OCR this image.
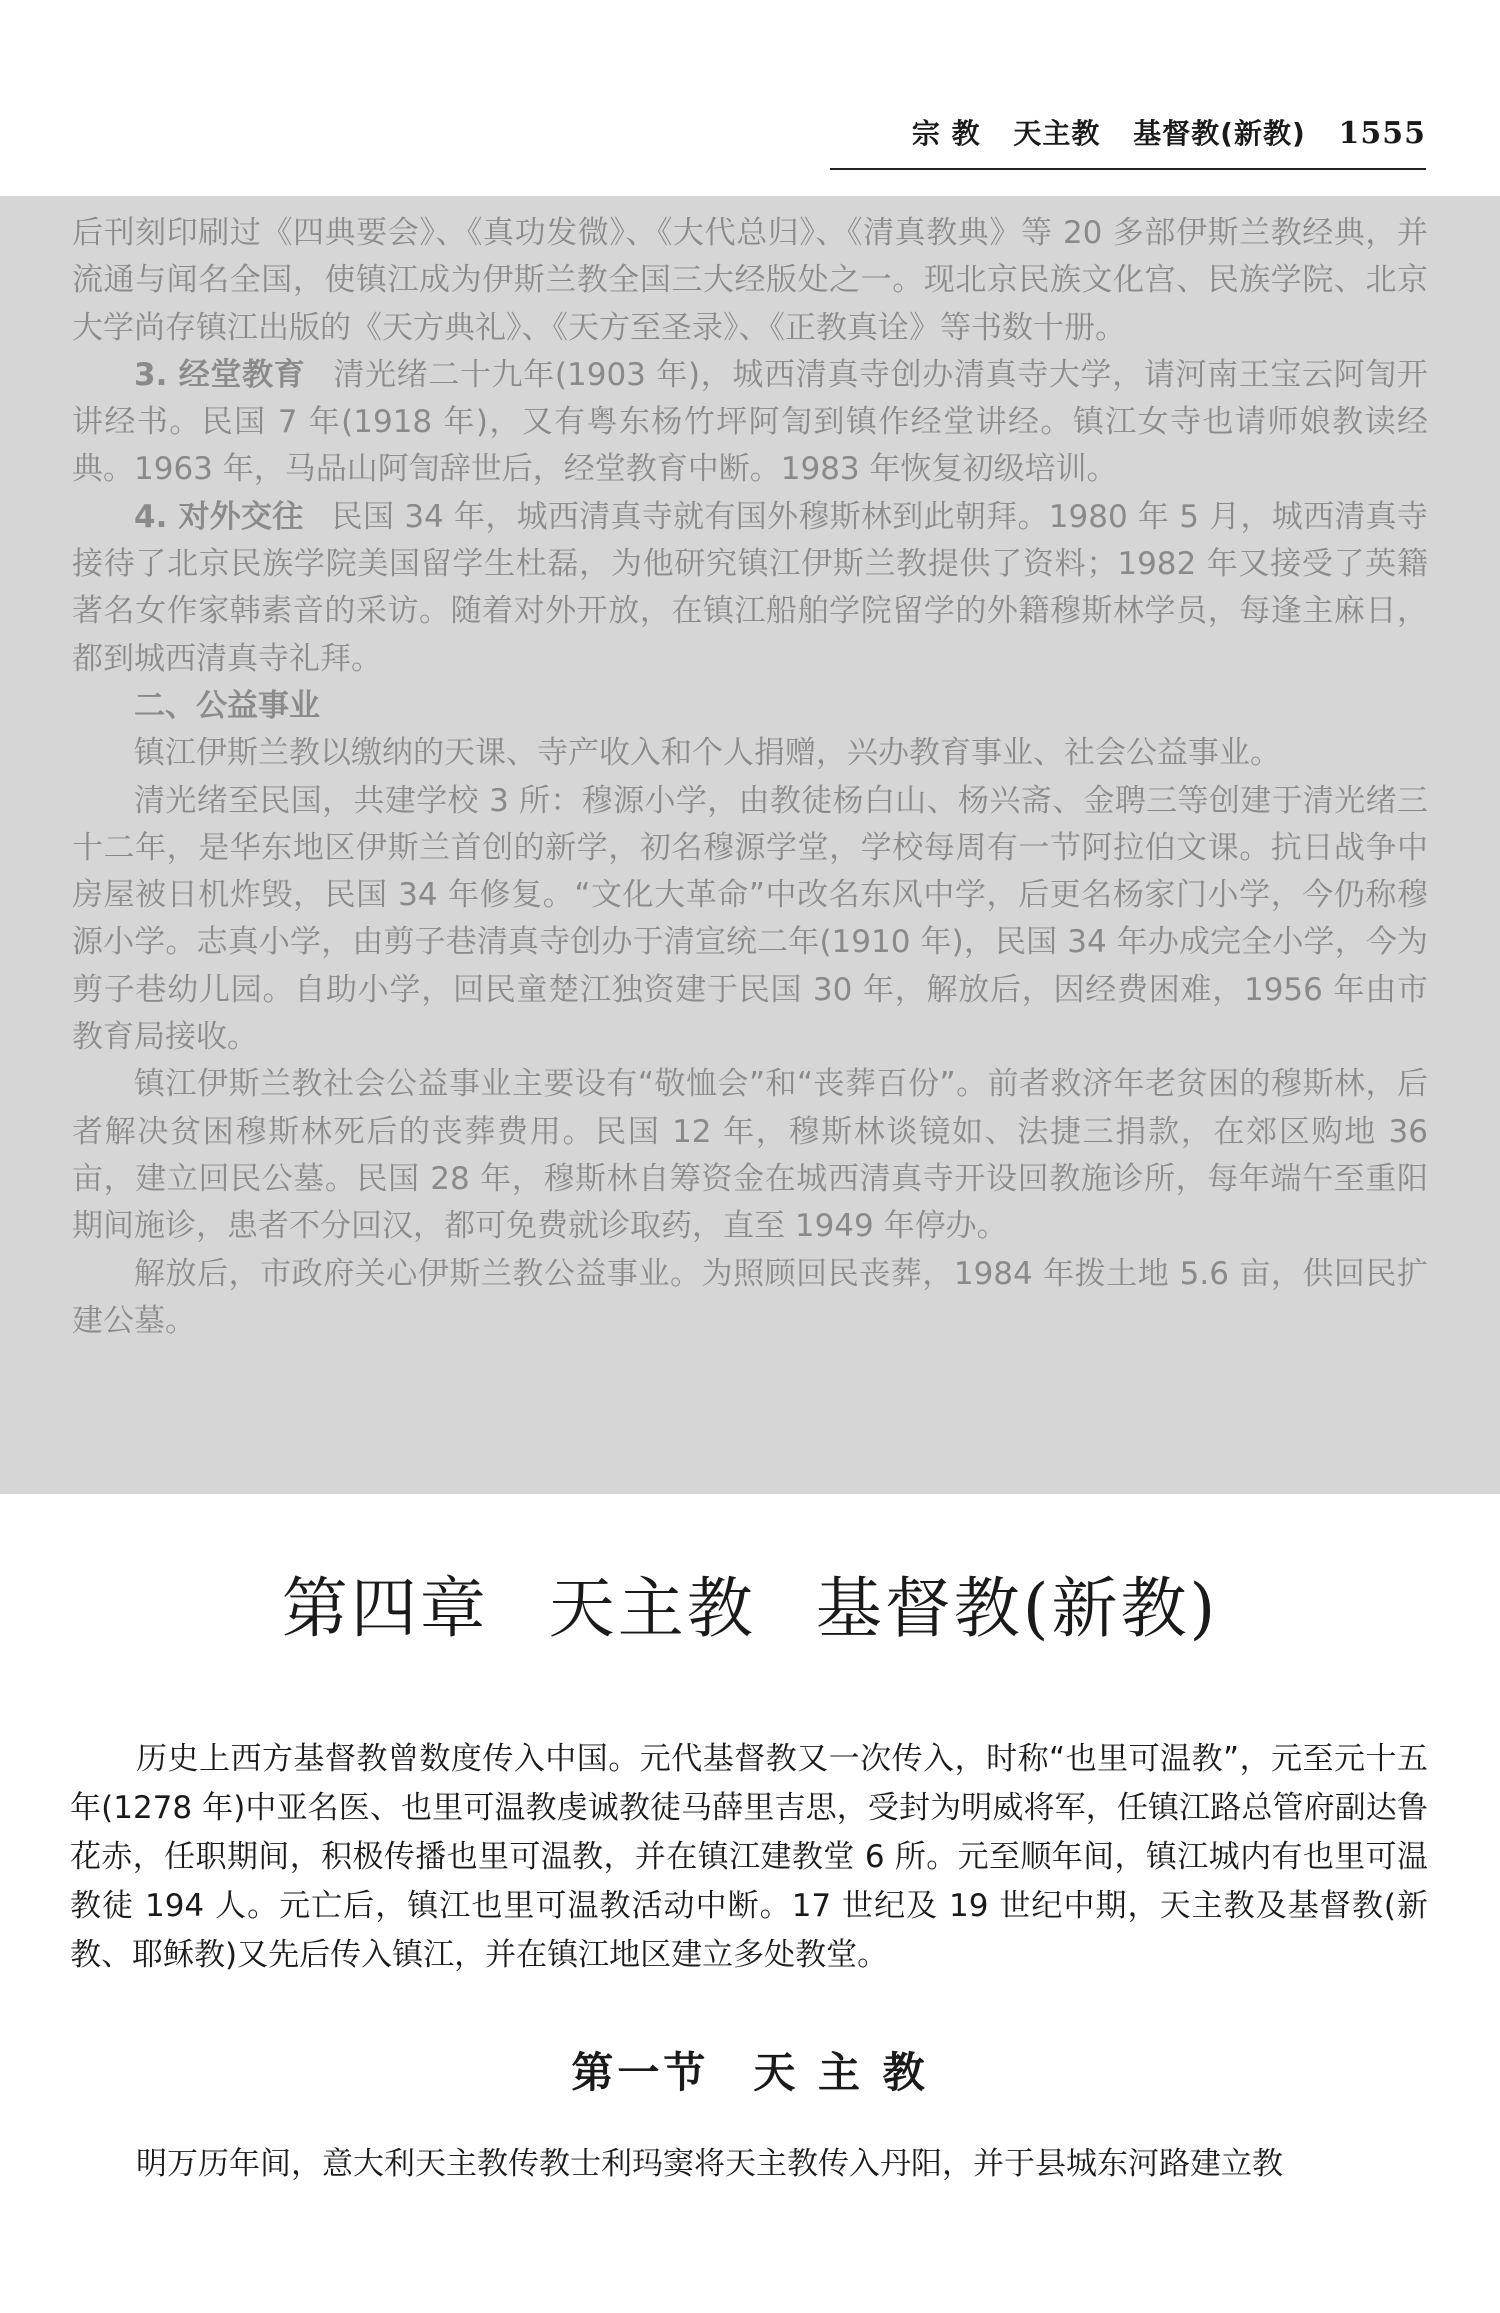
宗 教 天主教 基督教(新教) 1555

后刊刻印刷过《四典要会》、《真功发微》、《大代总归》、《清真教典》等 20 多部伊斯兰教经典，并流通与闻名全国，使镇江成为伊斯兰教全国三大经版处之一。现北京民族文化宫、民族学院、北京大学尚存镇江出版的《天方典礼》、《天方至圣录》、《正教真诠》等书数十册。

3. 经堂教育 清光绪二十九年(1903 年)，城西清真寺创办清真寺大学，请河南王宝云阿訇开讲经书。民国 7 年(1918 年)，又有粤东杨竹坪阿訇到镇作经堂讲经。镇江女寺也请师娘教读经典。1963 年，马品山阿訇辞世后，经堂教育中断。1983 年恢复初级培训。

4. 对外交往 民国 34 年，城西清真寺就有国外穆斯林到此朝拜。1980 年 5 月，城西清真寺接待了北京民族学院美国留学生杜磊，为他研究镇江伊斯兰教提供了资料；1982 年又接受了英籍著名女作家韩素音的采访。随着对外开放，在镇江船舶学院留学的外籍穆斯林学员，每逢主麻日，都到城西清真寺礼拜。

二、公益事业

镇江伊斯兰教以缴纳的天课、寺产收入和个人捐赠，兴办教育事业、社会公益事业。

清光绪至民国，共建学校 3 所：穆源小学，由教徒杨白山、杨兴斋、金聘三等创建于清光绪三十二年，是华东地区伊斯兰首创的新学，初名穆源学堂，学校每周有一节阿拉伯文课。抗日战争中房屋被日机炸毁，民国 34 年修复。“文化大革命”中改名东风中学，后更名杨家门小学，今仍称穆源小学。志真小学，由剪子巷清真寺创办于清宣统二年(1910 年)，民国 34 年办成完全小学，今为剪子巷幼儿园。自助小学，回民童楚江独资建于民国 30 年，解放后，因经费困难，1956 年由市教育局接收。

镇江伊斯兰教社会公益事业主要设有“敬恤会”和“丧葬百份”。前者救济年老贫困的穆斯林，后者解决贫困穆斯林死后的丧葬费用。民国 12 年，穆斯林谈镜如、法捷三捐款，在郊区购地 36 亩，建立回民公墓。民国 28 年，穆斯林自筹资金在城西清真寺开设回教施诊所，每年端午至重阳期间施诊，患者不分回汉，都可免费就诊取药，直至 1949 年停办。

解放后，市政府关心伊斯兰教公益事业。为照顾回民丧葬，1984 年拨土地 5.6 亩，供回民扩建公墓。

第四章 天主教 基督教(新教)

历史上西方基督教曾数度传入中国。元代基督教又一次传入，时称“也里可温教”，元至元十五年(1278 年)中亚名医、也里可温教虔诚教徒马薛里吉思，受封为明威将军，任镇江路总管府副达鲁花赤，任职期间，积极传播也里可温教，并在镇江建教堂 6 所。元至顺年间，镇江城内有也里可温教徒 194 人。元亡后，镇江也里可温教活动中断。17 世纪及 19 世纪中期，天主教及基督教(新教、耶稣教)又先后传入镇江，并在镇江地区建立多处教堂。

第一节 天 主 教
明万历年间，意大利天主教传教士利玛窦将天主教传入丹阳，并于县城东河路建立教
